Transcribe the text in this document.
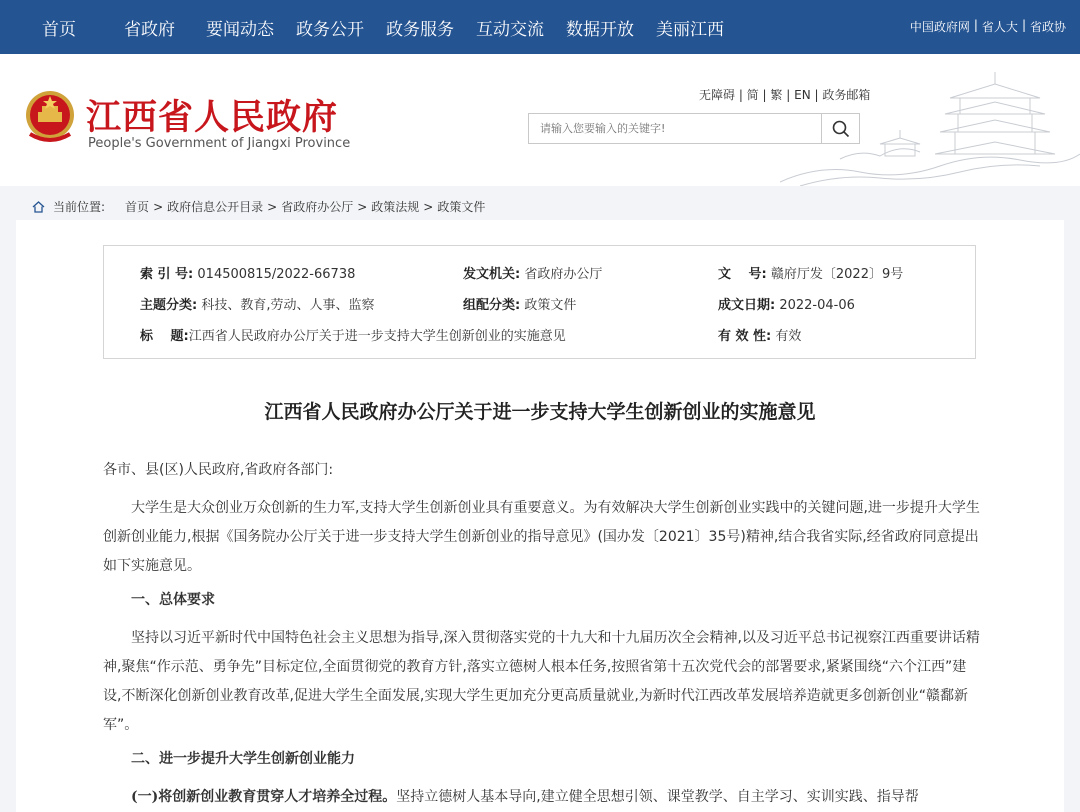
首页	省政府	要闻动态	政务公开	政务服务	互动交流	数据开放	美丽江西	中国政府网 | 省人大 | 省政协
江西省人民政府
People's Government of Jiangxi Province
无障碍 | 简 | 繁 | EN | 政务邮箱
请输入您要输入的关键字!
当前位置: 首页 > 政府信息公开目录 > 省政府办公厅 > 政策法规 > 政策文件
索 引 号: 014500815/2022-66738	发文机关: 省政府办公厅	文　 号: 赣府厅发〔2022〕9号
主题分类: 科技、教育,劳动、人事、监察	组配分类: 政策文件	成文日期: 2022-04-06
标　 题:江西省人民政府办公厅关于进一步支持大学生创新创业的实施意见	有 效 性: 有效
江西省人民政府办公厅关于进一步支持大学生创新创业的实施意见

各市、县(区)人民政府,省政府各部门:

大学生是大众创业万众创新的生力军,支持大学生创新创业具有重要意义。为有效解决大学生创新创业实践中的关键问题,进一步提升大学生创新创业能力,根据《国务院办公厅关于进一步支持大学生创新创业的指导意见》(国办发〔2021〕35号)精神,结合我省实际,经省政府同意提出如下实施意见。

一、总体要求

坚持以习近平新时代中国特色社会主义思想为指导,深入贯彻落实党的十九大和十九届历次全会精神,以及习近平总书记视察江西重要讲话精神,聚焦“作示范、勇争先”目标定位,全面贯彻党的教育方针,落实立德树人根本任务,按照省第十五次党代会的部署要求,紧紧围绕“六个江西”建设,不断深化创新创业教育改革,促进大学生全面发展,实现大学生更加充分更高质量就业,为新时代江西改革发展培养造就更多创新创业“赣鄱新军”。

二、进一步提升大学生创新创业能力

(一)将创新创业教育贯穿人才培养全过程。坚持立德树人基本导向,建立健全思想引领、课堂教学、自主学习、实训实践、指导帮
